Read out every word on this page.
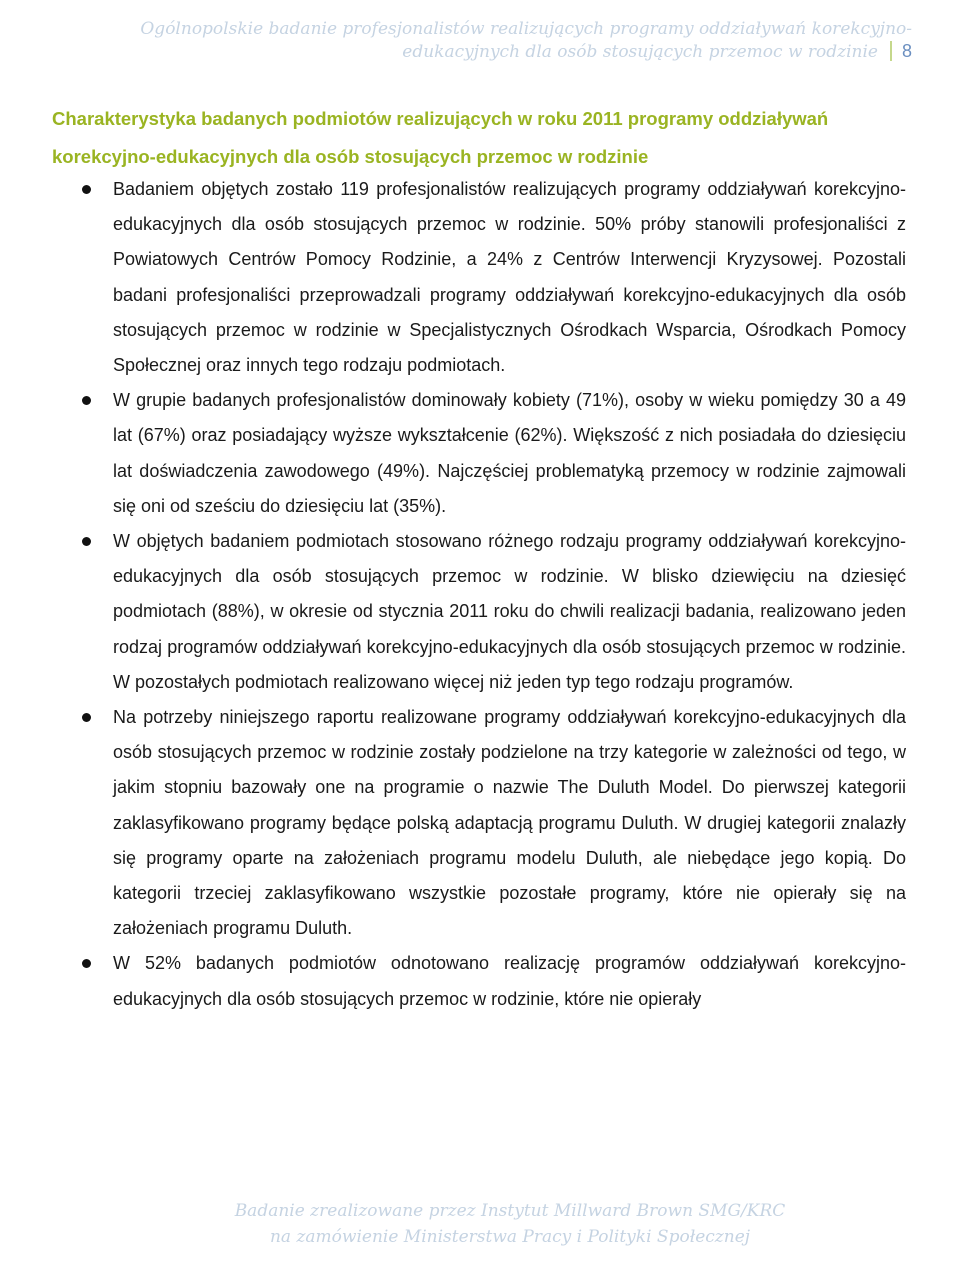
Ogólnopolskie badanie profesjonalistów realizujących programy oddziaływań korekcyjno-
edukacyjnych dla osób stosujących przemoc w rodzinie 8
Charakterystyka badanych podmiotów realizujących w roku 2011 programy oddziaływań korekcyjno-edukacyjnych dla osób stosujących przemoc w rodzinie
Badaniem objętych zostało 119 profesjonalistów realizujących programy oddziaływań korekcyjno-edukacyjnych dla osób stosujących przemoc w rodzinie. 50% próby stanowili profesjonaliści z Powiatowych Centrów Pomocy Rodzinie, a 24% z Centrów Interwencji Kryzysowej. Pozostali badani profesjonaliści przeprowadzali programy oddziaływań korekcyjno-edukacyjnych dla osób stosujących przemoc w rodzinie w Specjalistycznych Ośrodkach Wsparcia, Ośrodkach Pomocy Społecznej oraz innych tego rodzaju podmiotach.
W grupie badanych profesjonalistów dominowały kobiety (71%), osoby w wieku pomiędzy 30 a 49 lat (67%) oraz posiadający wyższe wykształcenie (62%). Większość z nich posiadała do dziesięciu lat doświadczenia zawodowego (49%). Najczęściej problematyką przemocy w rodzinie zajmowali się oni od sześciu do dziesięciu lat (35%).
W objętych badaniem podmiotach stosowano różnego rodzaju programy oddziaływań korekcyjno-edukacyjnych dla osób stosujących przemoc w rodzinie. W blisko dziewięciu na dziesięć podmiotach (88%), w okresie od stycznia 2011 roku do chwili realizacji badania, realizowano jeden rodzaj programów oddziaływań korekcyjno-edukacyjnych dla osób stosujących przemoc w rodzinie. W pozostałych podmiotach realizowano więcej niż jeden typ tego rodzaju programów.
Na potrzeby niniejszego raportu realizowane programy oddziaływań korekcyjno-edukacyjnych dla osób stosujących przemoc w rodzinie zostały podzielone na trzy kategorie w zależności od tego, w jakim stopniu bazowały one na programie o nazwie The Duluth Model. Do pierwszej kategorii zaklasyfikowano programy będące polską adaptacją programu Duluth. W drugiej kategorii znalazły się programy oparte na założeniach programu modelu Duluth, ale niebędące jego kopią. Do kategorii trzeciej zaklasyfikowano wszystkie pozostałe programy, które nie opierały się na założeniach programu Duluth.
W 52% badanych podmiotów odnotowano realizację programów oddziaływań korekcyjno-edukacyjnych dla osób stosujących przemoc w rodzinie, które nie opierały
Badanie zrealizowane przez Instytut Millward Brown SMG/KRC
na zamówienie Ministerstwa Pracy i Polityki Społecznej
